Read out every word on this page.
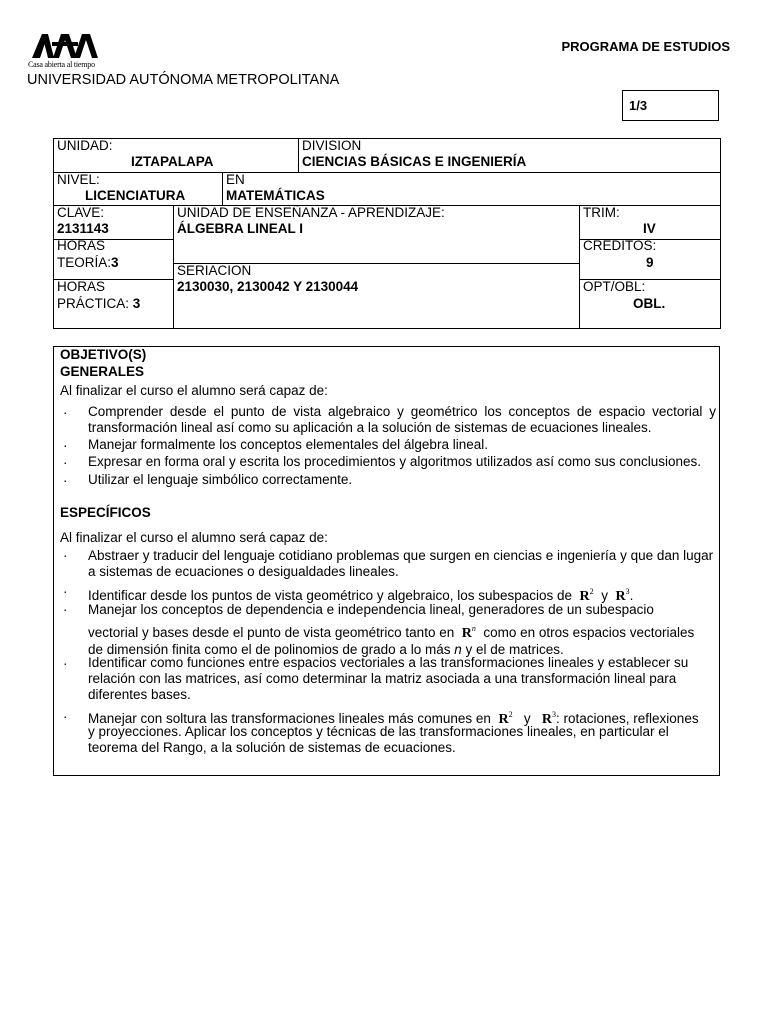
Casa abierta al tiempo
PROGRAMA DE ESTUDIOS
UNIVERSIDAD AUTÓNOMA METROPOLITANA
1/3
UNIDAD:
IZTAPALAPA
DIVISION
CIENCIAS BÁSICAS E INGENIERÍA
NIVEL:
LICENCIATURA
EN
MATEMÁTICAS
CLAVE:
2131143
UNIDAD DE ENSEÑANZA - APRENDIZAJE:
ÁLGEBRA LINEAL I
TRIM:
IV
HORAS
TEORÍA:3
CREDITOS:
9
SERIACION
2130030, 2130042 Y 2130044
HORAS
PRÁCTICA: 3
OPT/OBL:
OBL.
OBJETIVO(S)
GENERALES
Al finalizar el curso el alumno será capaz de:
· Comprender desde el punto de vista algebraico y geométrico los conceptos de espacio vectorial y transformación lineal así como su aplicación a la solución de sistemas de ecuaciones lineales.
· Manejar formalmente los conceptos elementales del álgebra lineal.
· Expresar en forma oral y escrita los procedimientos y algoritmos utilizados así como sus conclusiones.
· Utilizar el lenguaje simbólico correctamente.
ESPECÍFICOS
Al finalizar el curso el alumno será capaz de:
· Abstraer y traducir del lenguaje cotidiano problemas que surgen en ciencias e ingeniería y que dan lugar a sistemas de ecuaciones o desigualdades lineales.
· Identificar desde los puntos de vista geométrico y algebraico, los subespacios de $R^2$ y $R^3$.
· Manejar los conceptos de dependencia e independencia lineal, generadores de un subespacio
vectorial y bases desde el punto de vista geométrico tanto en $R^n$ como en otros espacios vectoriales
de dimensión finita como el de polinomios de grado a lo más n y el de matrices.
· Identificar como funciones entre espacios vectoriales a las transformaciones lineales y establecer su relación con las matrices, así como determinar la matriz asociada a una transformación lineal para diferentes bases.
· Manejar con soltura las transformaciones lineales más comunes en $R^2$ y $R^3$: rotaciones, reflexiones
y proyecciones. Aplicar los conceptos y técnicas de las transformaciones lineales, en particular el teorema del Rango, a la solución de sistemas de ecuaciones.
